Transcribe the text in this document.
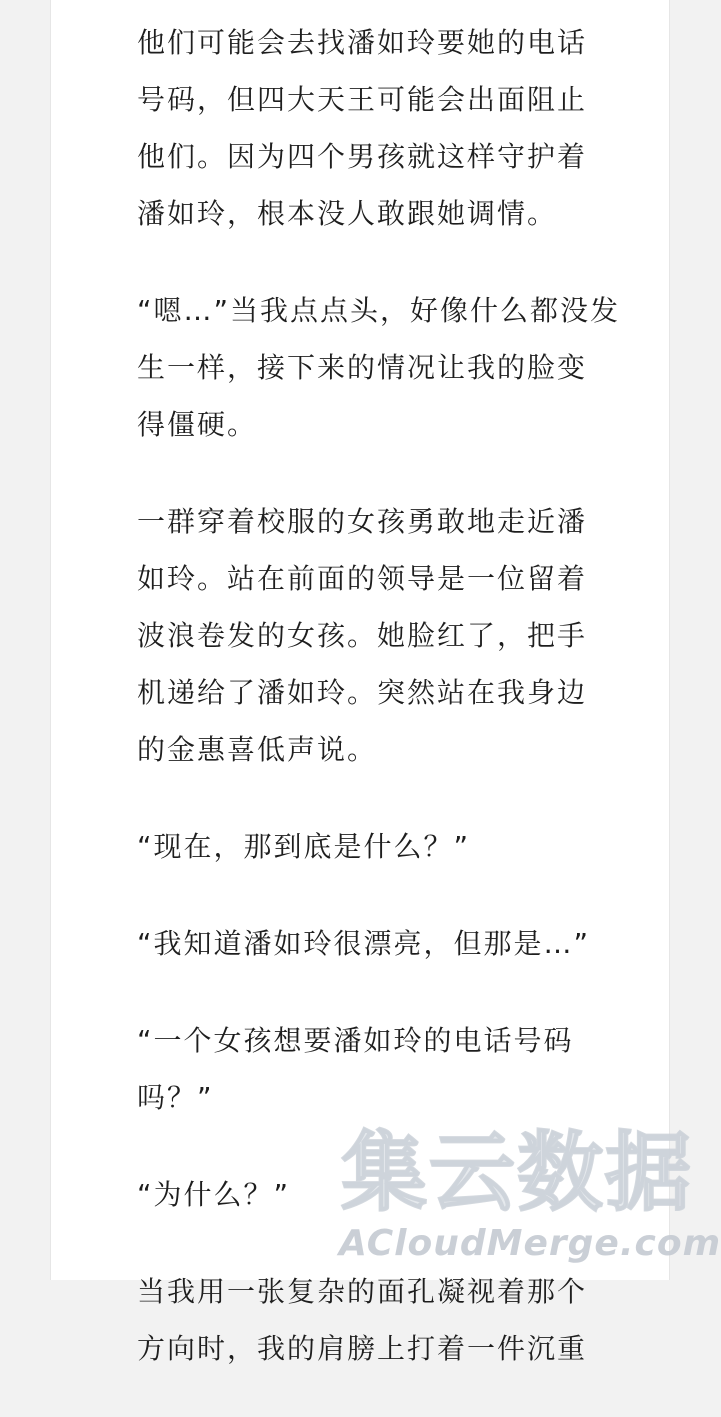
他们可能会去找潘如玲要她的电话
号码，但四大天王可能会出面阻止
他们。因为四个男孩就这样守护着
潘如玲，根本没人敢跟她调情。
“嗯…”当我点点头，好像什么都没发
生一样，接下来的情况让我的脸变
得僵硬。
一群穿着校服的女孩勇敢地走近潘
如玲。站在前面的领导是一位留着
波浪卷发的女孩。她脸红了，把手
机递给了潘如玲。突然站在我身边
的金惠喜低声说。
“现在，那到底是什么？”
“我知道潘如玲很漂亮，但那是…”
“一个女孩想要潘如玲的电话号码
吗？”
“为什么？”
当我用一张复杂的面孔凝视着那个
方向时，我的肩膀上打着一件沉重
集云数据
ACloudMerge.com
